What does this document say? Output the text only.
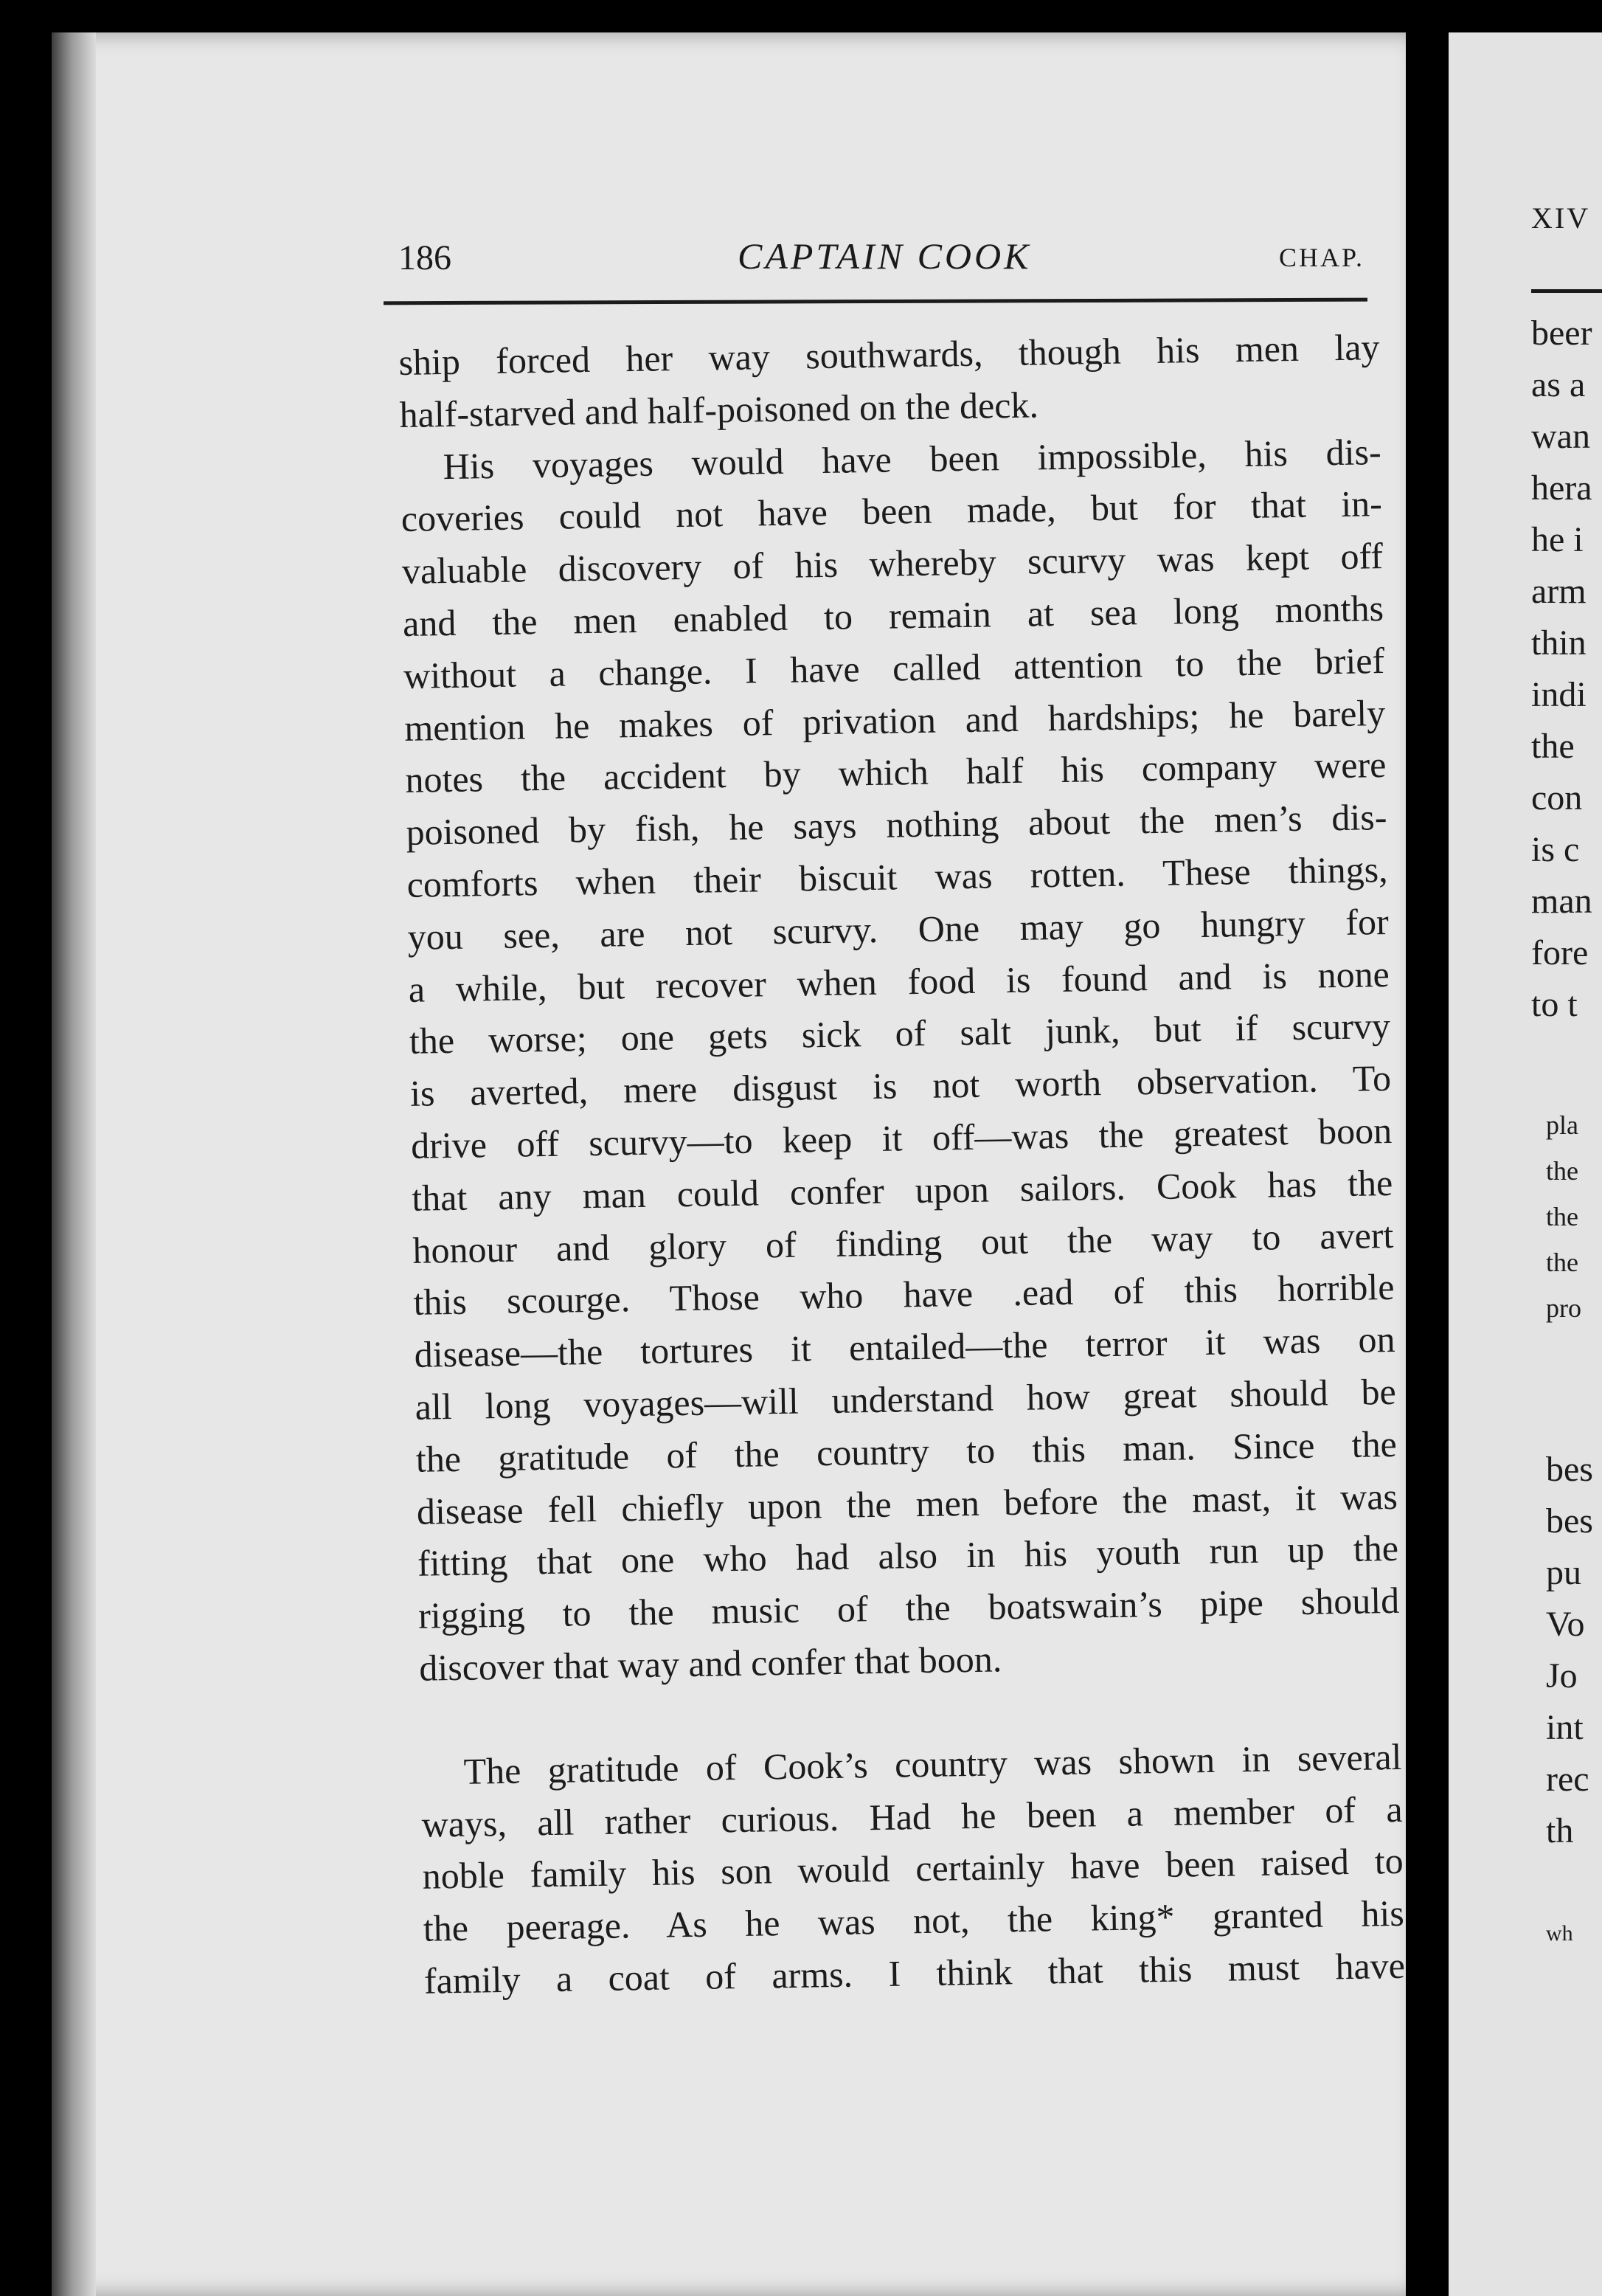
186	CAPTAIN COOK	CHAP.
ship forced her way southwards, though his men lay
half-starved and half-poisoned on the deck.
His voyages would have been impossible, his dis-
coveries could not have been made, but for that in-
valuable discovery of his whereby scurvy was kept off
and the men enabled to remain at sea long months
without a change. I have called attention to the brief
mention he makes of privation and hardships; he barely
notes the accident by which half his company were
poisoned by fish, he says nothing about the men’s dis-
comforts when their biscuit was rotten. These things,
you see, are not scurvy. One may go hungry for
a while, but recover when food is found and is none
the worse; one gets sick of salt junk, but if scurvy
is averted, mere disgust is not worth observation. To
drive off scurvy—to keep it off—was the greatest boon
that any man could confer upon sailors. Cook has the
honour and glory of finding out the way to avert
this scourge. Those who have .ead of this horrible
disease—the tortures it entailed—the terror it was on
all long voyages—will understand how great should be
the gratitude of the country to this man. Since the
disease fell chiefly upon the men before the mast, it was
fitting that one who had also in his youth run up the
rigging to the music of the boatswain’s pipe should
discover that way and confer that boon.
The gratitude of Cook’s country was shown in several
ways, all rather curious. Had he been a member of a
noble family his son would certainly have been raised to
the peerage. As he was not, the king* granted his
family a coat of arms. I think that this must have
XIV
beer
as a
wan
hera
he i
arm
thin
indi
the
con
is c
man
fore
to t
pla
the
the
the
pro
bes
bes
pu
Vo
Jo
int
rec
th
wh
